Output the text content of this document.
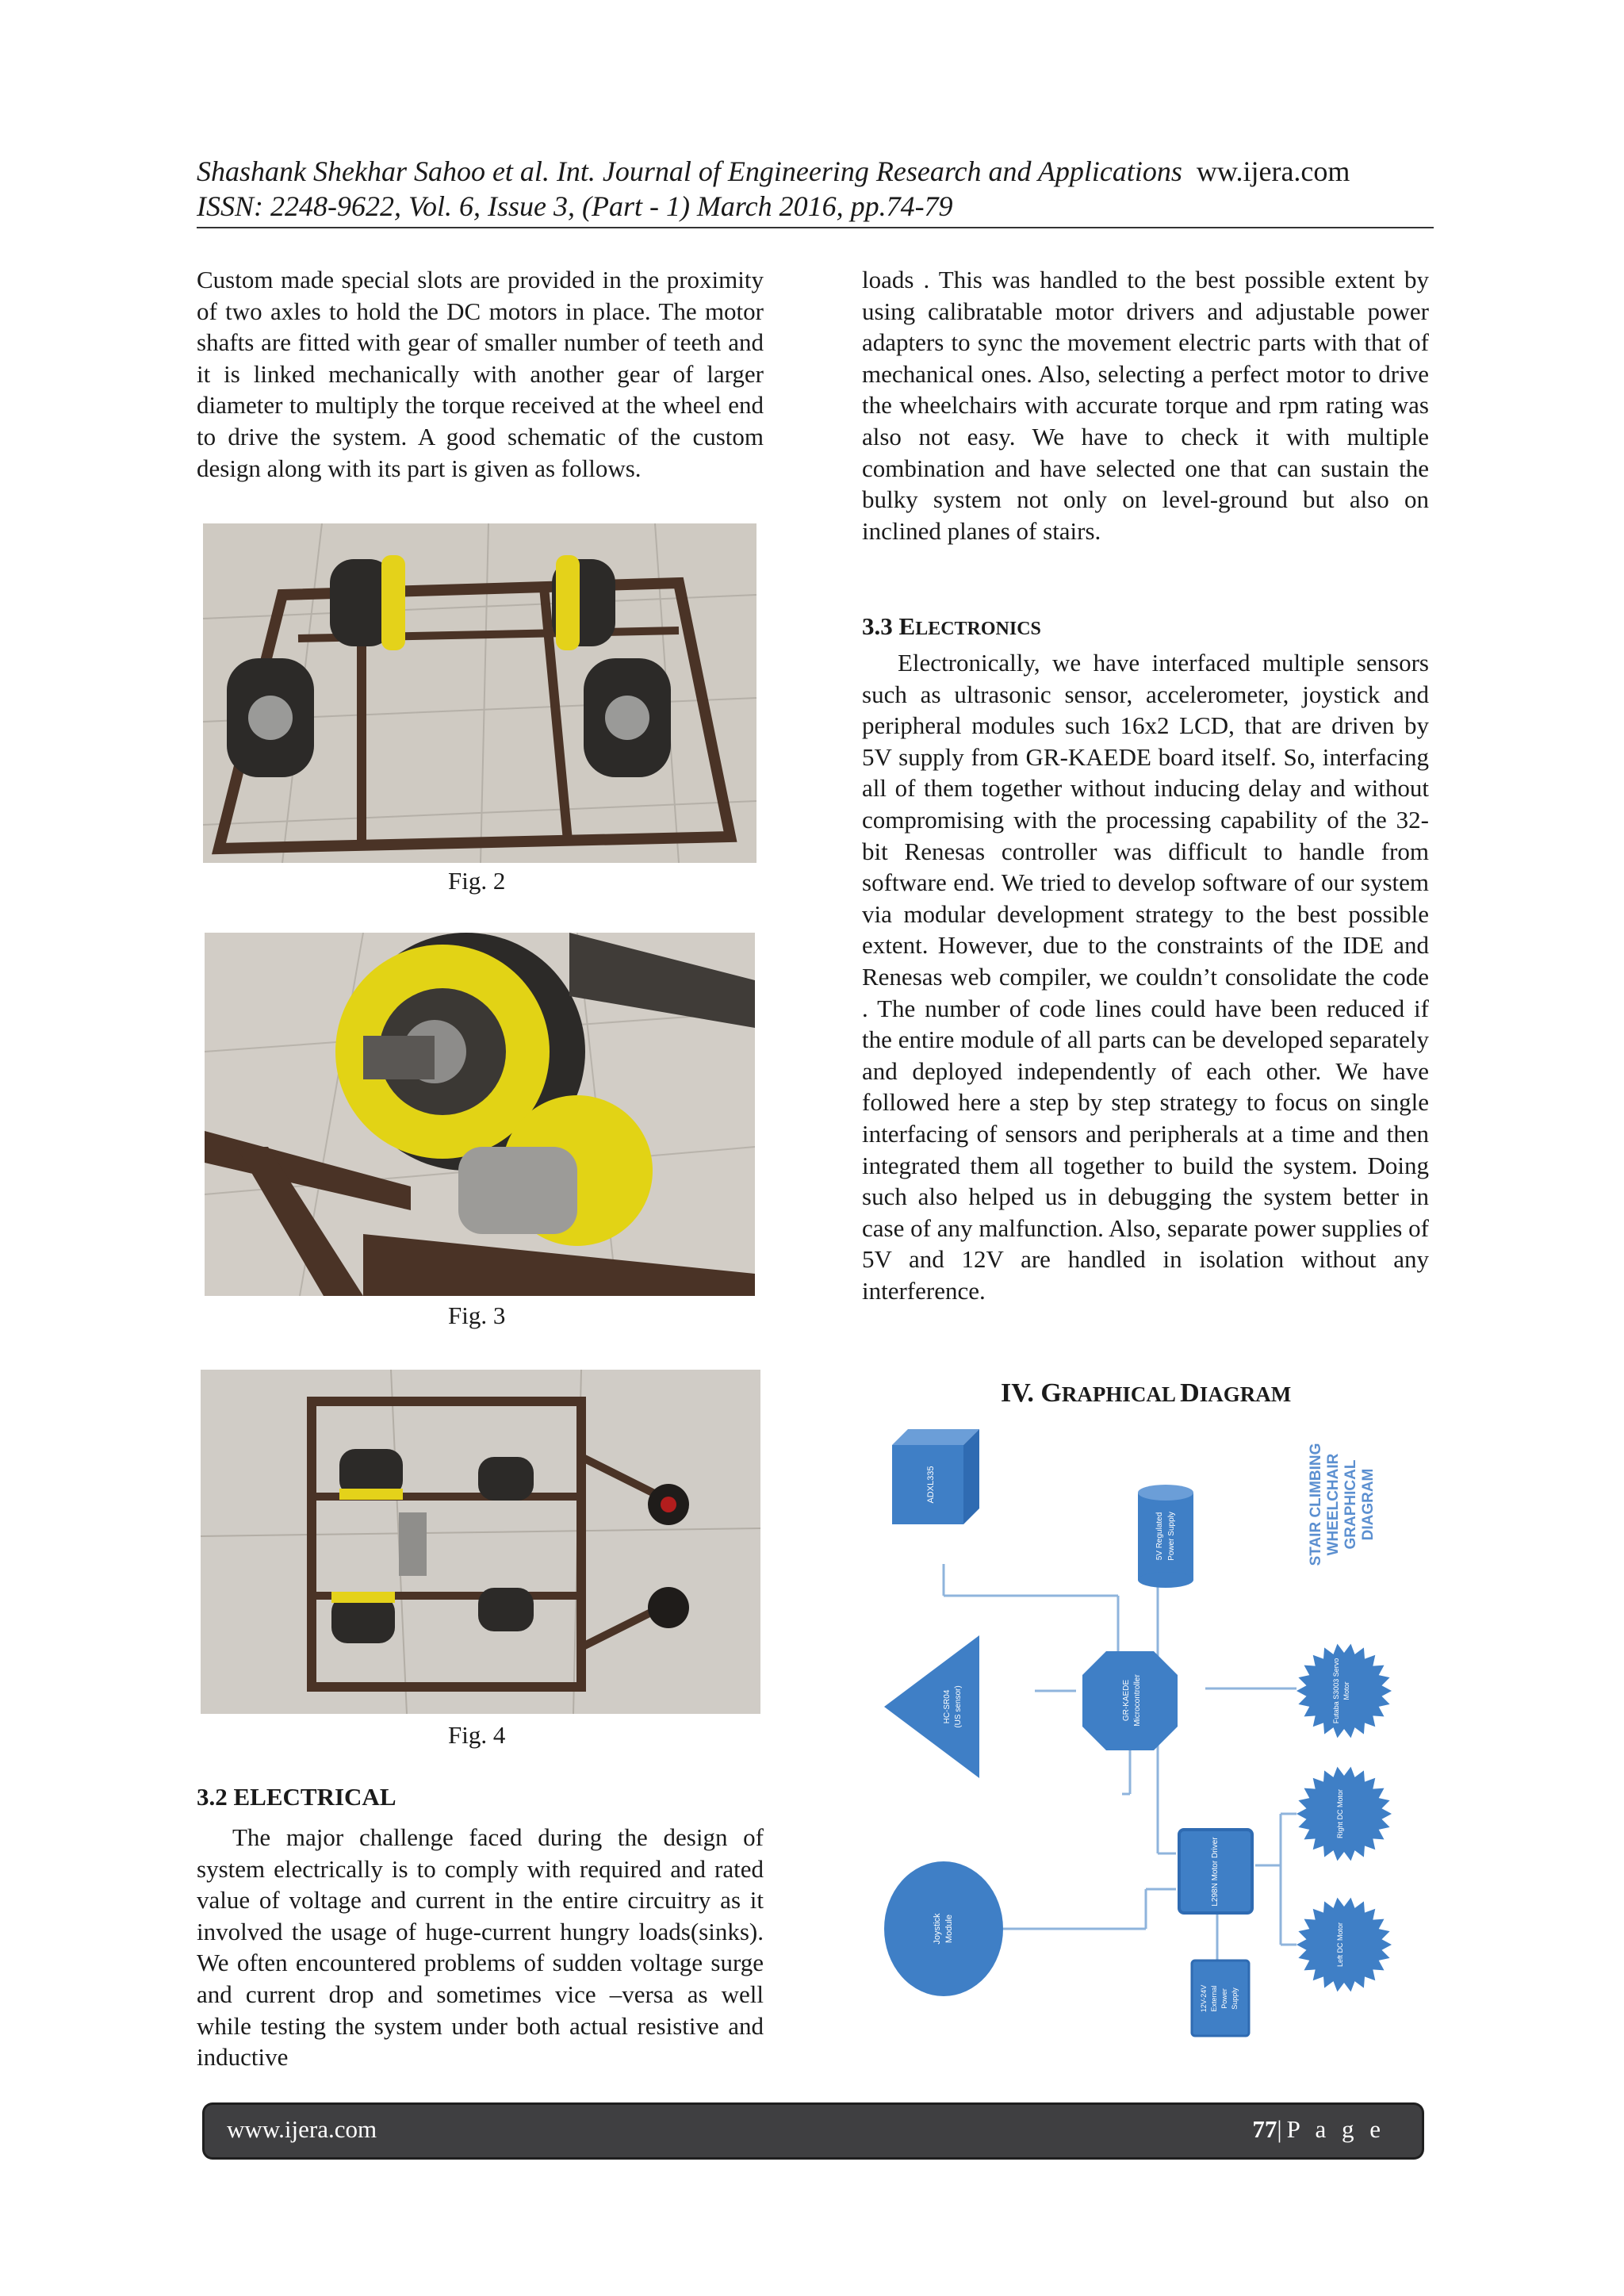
Shashank Shekhar Sahoo et al. Int. Journal of Engineering Research and Applications ww.ijera.com
ISSN: 2248-9622, Vol. 6, Issue 3, (Part - 1) March 2016, pp.74-79
Custom made special slots are provided in the proximity of two axles to hold the DC motors in place. The motor shafts are fitted with gear of smaller number of teeth and it is linked mechanically with another gear of larger diameter to multiply the torque received at the wheel end to drive the system. A good schematic of the custom design along with its part is given as follows.
Fig. 2
Fig. 3
Fig. 4
3.2 ELECTRICAL
The major challenge faced during the design of system electrically is to comply with required and rated value of voltage and current in the entire circuitry as it involved the usage of huge-current hungry loads(sinks). We often encountered problems of sudden voltage surge and current drop and sometimes vice –versa as well while testing the system under both actual resistive and inductive
loads . This was handled to the best possible extent by using calibratable motor drivers and adjustable power adapters to sync the movement electric parts with that of mechanical ones. Also, selecting a perfect motor to drive the wheelchairs with accurate torque and rpm rating was also not easy. We have to check it with multiple combination and have selected one that can sustain the bulky system not only on level-ground but also on inclined planes of stairs.
3.3 ELECTRONICS
Electronically, we have interfaced multiple sensors such as ultrasonic sensor, accelerometer, joystick and peripheral modules such 16x2 LCD, that are driven by 5V supply from GR-KAEDE board itself. So, interfacing all of them together without inducing delay and without compromising with the processing capability of the 32-bit Renesas controller was difficult to handle from software end. We tried to develop software of our system via modular development strategy to the best possible extent. However, due to the constraints of the IDE and Renesas web compiler, we couldn’t consolidate the code . The number of code lines could have been reduced if the entire module of all parts can be developed separately and deployed independently of each other. We have followed here a step by step strategy to focus on single interfacing of sensors and peripherals at a time and then integrated them all together to build the system. Doing such also helped us in debugging the system better in case of any malfunction. Also, separate power supplies of 5V and 12V are handled in isolation without any interference.
IV. GRAPHICAL DIAGRAM
ADXL335
5V Regulated Power Supply	STAIR CLIMBING WHEELCHAIR GRAPHICAL DIAGRAM
HC-SR04 (US sensor)	GR-KAEDE Microcontroller	Futaba S3003 Servo Motor
L298N Motor Driver
Right DC Motor
Left DC Motor
Joystick Module
12V-24V External Power Supply
www.ijera.com	77|P a g e
